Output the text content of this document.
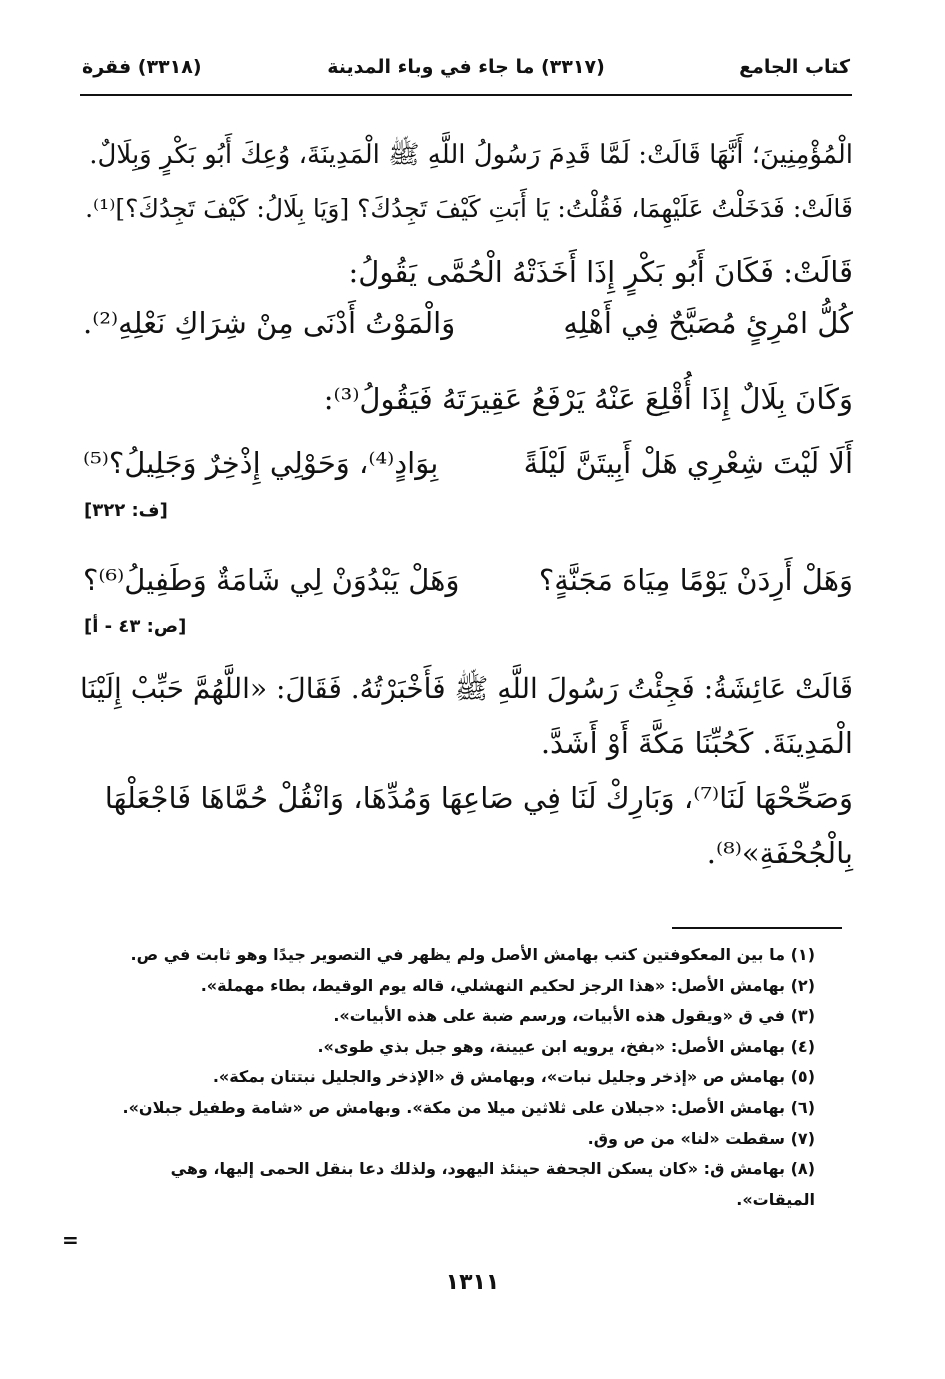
كتاب الجامع
(٣٣١٧) ما جاء في وباء المدينة
(٣٣١٨) فقرة
الْمُؤْمِنِينَ؛ أَنَّهَا قَالَتْ: لَمَّا قَدِمَ رَسُولُ اللَّهِ ﷺ الْمَدِينَةَ، وُعِكَ أَبُو بَكْرٍ وَبِلَالٌ.
قَالَتْ: فَدَخَلْتُ عَلَيْهِمَا، فَقُلْتُ: يَا أَبَتِ كَيْفَ تَجِدُكَ؟ [وَيَا بِلَالُ: كَيْفَ تَجِدُكَ؟]⁽¹⁾.
قَالَتْ: فَكَانَ أَبُو بَكْرٍ إِذَا أَخَذَتْهُ الْحُمَّى يَقُولُ:
كُلُّ امْرِئٍ مُصَبَّحٌ فِي أَهْلِهِ
وَالْمَوْتُ أَدْنَى مِنْ شِرَاكِ نَعْلِهِ⁽²⁾.
وَكَانَ بِلَالٌ إِذَا أُقْلِعَ عَنْهُ يَرْفَعُ عَقِيرَتَهُ فَيَقُولُ⁽³⁾:
أَلَا لَيْتَ شِعْرِي هَلْ أَبِيتَنَّ لَيْلَةً
بِوَادٍ⁽⁴⁾، وَحَوْلِي إِذْخِرٌ وَجَلِيلُ؟⁽⁵⁾
[ف: ٣٢٢]
وَهَلْ أَرِدَنْ يَوْمًا مِيَاهَ مَجَنَّةٍ؟
وَهَلْ يَبْدُوَنْ لِي شَامَةٌ وَطَفِيلُ⁽⁶⁾؟
[ص: ٤٣ - أ]
قَالَتْ عَائِشَةُ: فَجِئْتُ رَسُولَ اللَّهِ ﷺ فَأَخْبَرْتُهُ. فَقَالَ: «اللَّهُمَّ حَبِّبْ إِلَيْنَا
الْمَدِينَةَ. كَحُبِّنَا مَكَّةَ أَوْ أَشَدَّ.
وَصَحِّحْهَا لَنَا⁽⁷⁾، وَبَارِكْ لَنَا فِي صَاعِهَا وَمُدِّهَا، وَانْقُلْ حُمَّاهَا فَاجْعَلْهَا
بِالْجُحْفَةِ»⁽⁸⁾.
(١) ما بين المعكوفتين كتب بهامش الأصل ولم يظهر في التصوير جيدًا وهو ثابت في ص.
(٢) بهامش الأصل: «هذا الرجز لحكيم النهشلي، قاله يوم الوقيط، بطاء مهملة».
(٣) في ق «ويقول هذه الأبيات، ورسم ضبة على هذه الأبيات».
(٤) بهامش الأصل: «بفخ، يرويه ابن عيينة، وهو جبل بذي طوى».
(٥) بهامش ص «إذخر وجليل نبات»، وبهامش ق «الإذخر والجليل نبتتان بمكة».
(٦) بهامش الأصل: «جبلان على ثلاثين ميلا من مكة». وبهامش ص «شامة وطفيل جبلان».
(٧) سقطت «لنا» من ص وق.
(٨) بهامش ق: «كان يسكن الجحفة حينئذ اليهود، ولذلك دعا بنقل الحمى إليها، وهي الميقات».
=
١٣١١
